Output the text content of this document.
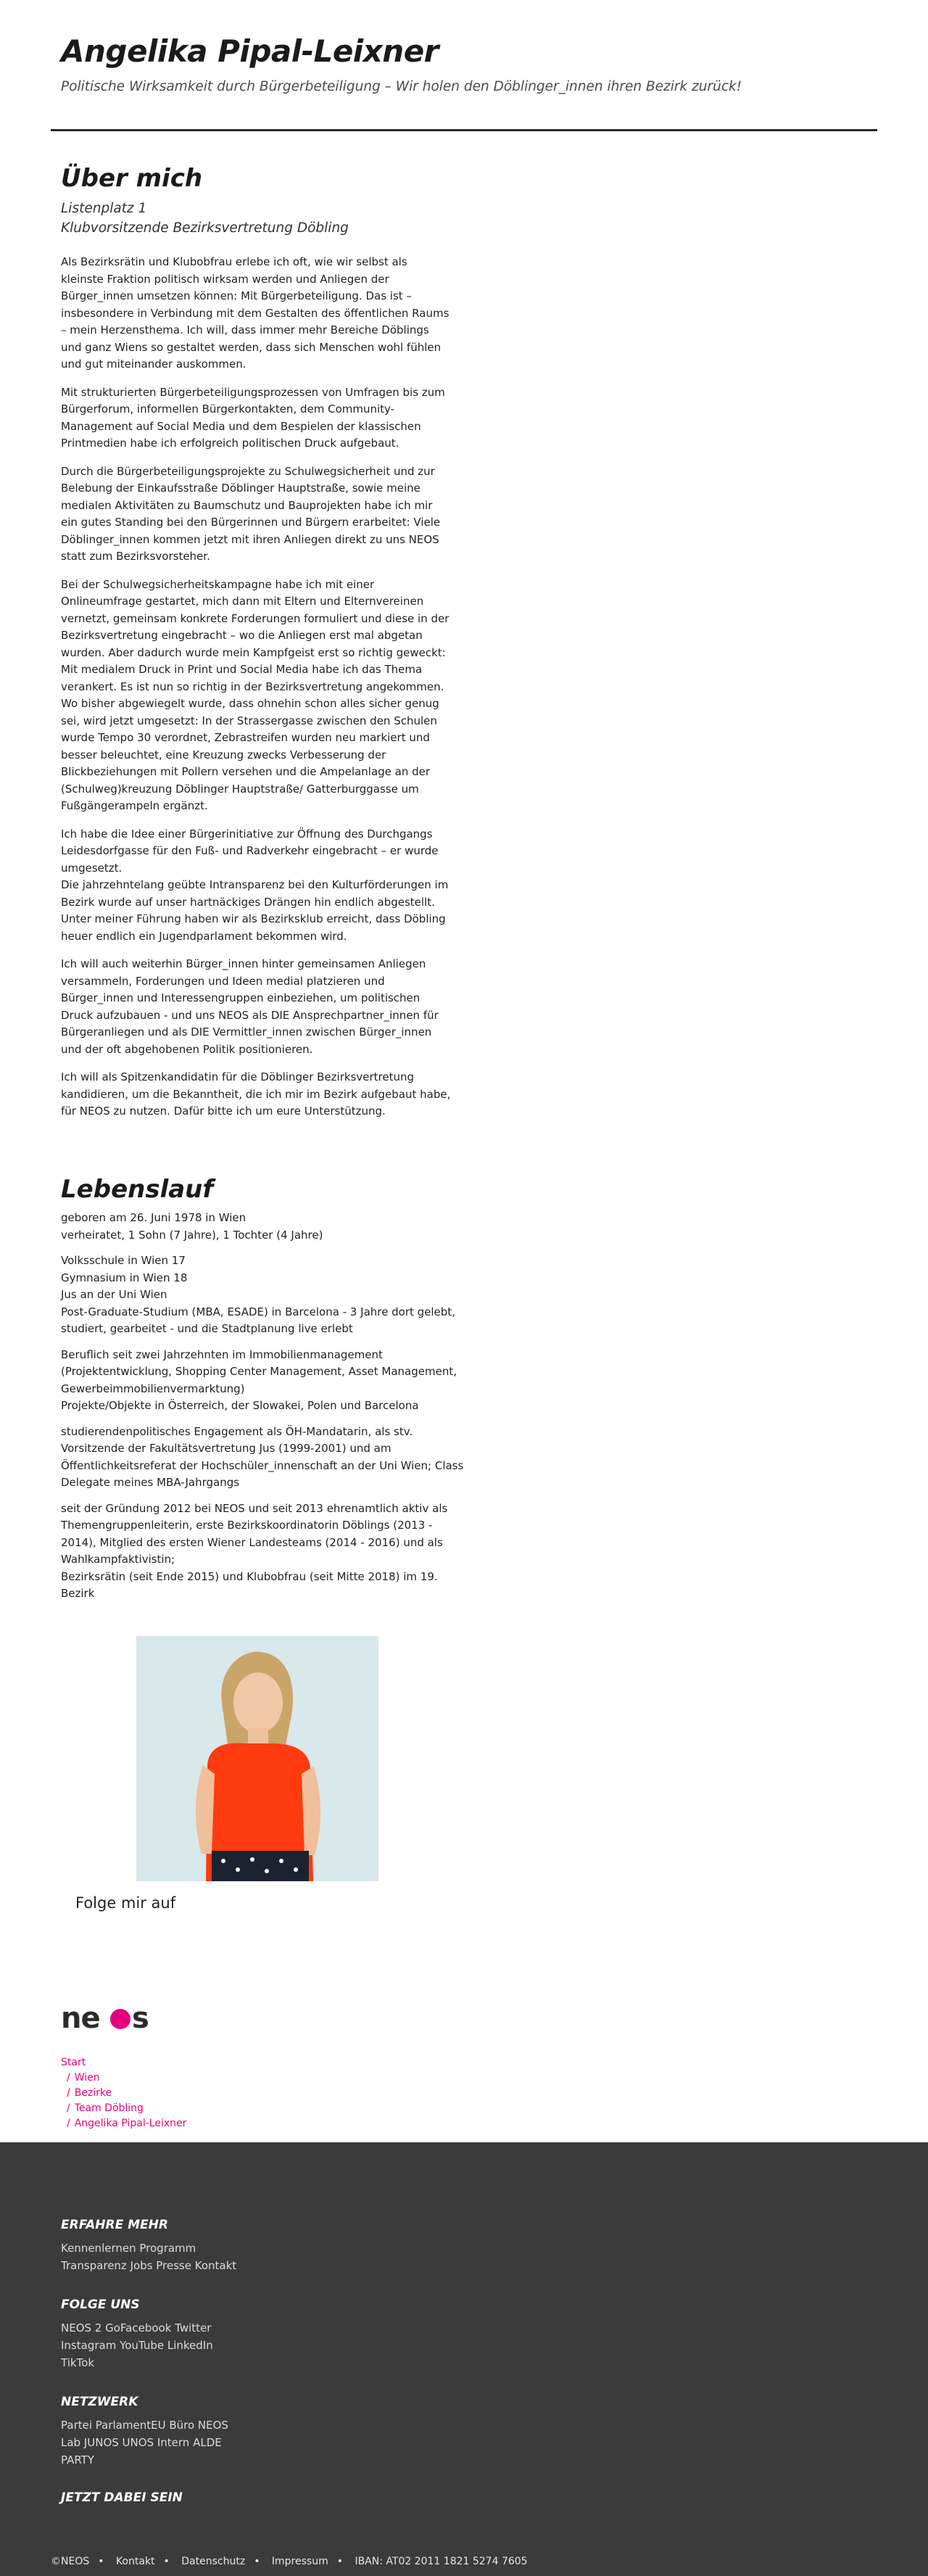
Angelika Pipal-Leixner
Politische Wirksamkeit durch Bürgerbeteiligung – Wir holen den Döblinger_innen ihren Bezirk zurück!
Über mich
Listenplatz 1
Klubvorsitzende Bezirksvertretung Döbling

Als Bezirksrätin und Klubobfrau erlebe ich oft, wie wir selbst als kleinste Fraktion politisch wirksam werden und Anliegen der Bürger_innen umsetzen können: Mit Bürgerbeteiligung. Das ist – insbesondere in Verbindung mit dem Gestalten des öffentlichen Raums – mein Herzensthema. Ich will, dass immer mehr Bereiche Döblings und ganz Wiens so gestaltet werden, dass sich Menschen wohl fühlen und gut miteinander auskommen.

Mit strukturierten Bürgerbeteiligungsprozessen von Umfragen bis zum Bürgerforum, informellen Bürgerkontakten, dem Community-Management auf Social Media und dem Bespielen der klassischen Printmedien habe ich erfolgreich politischen Druck aufgebaut.

Durch die Bürgerbeteiligungsprojekte zu Schulwegsicherheit und zur Belebung der Einkaufsstraße Döblinger Hauptstraße, sowie meine medialen Aktivitäten zu Baumschutz und Bauprojekten habe ich mir ein gutes Standing bei den Bürgerinnen und Bürgern erarbeitet: Viele Döblinger_innen kommen jetzt mit ihren Anliegen direkt zu uns NEOS statt zum Bezirksvorsteher.

Bei der Schulwegsicherheitskampagne habe ich mit einer Onlineumfrage gestartet, mich dann mit Eltern und Elternvereinen vernetzt, gemeinsam konkrete Forderungen formuliert und diese in der Bezirksvertretung eingebracht – wo die Anliegen erst mal abgetan wurden. Aber dadurch wurde mein Kampfgeist erst so richtig geweckt: Mit medialem Druck in Print und Social Media habe ich das Thema verankert. Es ist nun so richtig in der Bezirksvertretung angekommen. Wo bisher abgewiegelt wurde, dass ohnehin schon alles sicher genug sei, wird jetzt umgesetzt: In der Strassergasse zwischen den Schulen wurde Tempo 30 verordnet, Zebrastreifen wurden neu markiert und besser beleuchtet, eine Kreuzung zwecks Verbesserung der Blickbeziehungen mit Pollern versehen und die Ampelanlage an der (Schulweg)kreuzung Döblinger Hauptstraße/ Gatterburggasse um Fußgängerampeln ergänzt.

Ich habe die Idee einer Bürgerinitiative zur Öffnung des Durchgangs Leidesdorfgasse für den Fuß- und Radverkehr eingebracht – er wurde umgesetzt.
Die jahrzehntelang geübte Intransparenz bei den Kulturförderungen im Bezirk wurde auf unser hartnäckiges Drängen hin endlich abgestellt. Unter meiner Führung haben wir als Bezirksklub erreicht, dass Döbling heuer endlich ein Jugendparlament bekommen wird.

Ich will auch weiterhin Bürger_innen hinter gemeinsamen Anliegen versammeln, Forderungen und Ideen medial platzieren und Bürger_innen und Interessengruppen einbeziehen, um politischen Druck aufzubauen - und uns NEOS als DIE Ansprechpartner_innen für Bürgeranliegen und als DIE Vermittler_innen zwischen Bürger_innen und der oft abgehobenen Politik positionieren.

Ich will als Spitzenkandidatin für die Döblinger Bezirksvertretung kandidieren, um die Bekanntheit, die ich mir im Bezirk aufgebaut habe, für NEOS zu nutzen. Dafür bitte ich um eure Unterstützung.

Lebenslauf

geboren am 26. Juni 1978 in Wien
verheiratet, 1 Sohn (7 Jahre), 1 Tochter (4 Jahre)

Volksschule in Wien 17
Gymnasium in Wien 18
Jus an der Uni Wien
Post-Graduate-Studium (MBA, ESADE) in Barcelona - 3 Jahre dort gelebt, studiert, gearbeitet - und die Stadtplanung live erlebt

Beruflich seit zwei Jahrzehnten im Immobilienmanagement (Projektentwicklung, Shopping Center Management, Asset Management, Gewerbeimmobilienvermarktung)
Projekte/Objekte in Österreich, der Slowakei, Polen und Barcelona

studierendenpolitisches Engagement als ÖH-Mandatarin, als stv. Vorsitzende der Fakultätsvertretung Jus (1999-2001) und am Öffentlichkeitsreferat der Hochschüler_innenschaft an der Uni Wien; Class Delegate meines MBA-Jahrgangs

seit der Gründung 2012 bei NEOS und seit 2013 ehrenamtlich aktiv als Themengruppenleiterin, erste Bezirkskoordinatorin Döblings (2013 - 2014), Mitglied des ersten Wiener Landesteams (2014 - 2016) und als Wahlkampfaktivistin;
Bezirksrätin (seit Ende 2015) und Klubobfrau (seit Mitte 2018) im 19. Bezirk

Folge mir auf
ne s
Start
/ Wien
/ Bezirke
/ Team Döbling
/ Angelika Pipal-Leixner
ERFAHRE MEHR
Kennenlernen Programm
Transparenz Jobs Presse Kontakt
FOLGE UNS
NEOS 2 GoFacebook Twitter
Instagram YouTube LinkedIn
TikTok
NETZWERK
Partei ParlamentEU Büro NEOS
Lab JUNOS UNOS Intern ALDE
PARTY
JETZT DABEI SEIN
©NEOS • Kontakt • Datenschutz • Impressum • IBAN: AT02 2011 1821 5274 7605
